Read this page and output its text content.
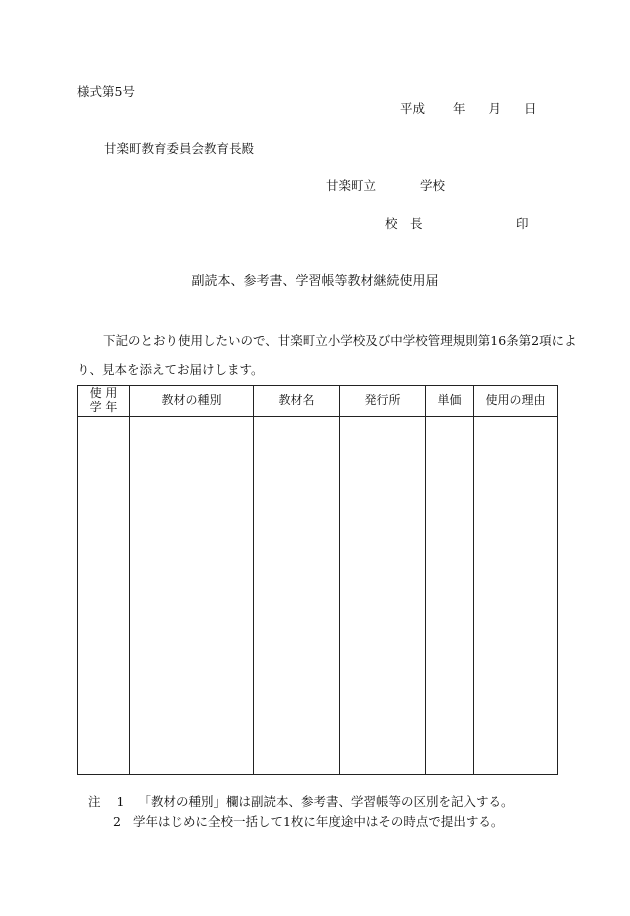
様式第5号
平成 年 月 日
甘楽町教育委員会教育長殿
甘楽町立	学校
校　長	印
副読本、参考書、学習帳等教材継続使用届
下記のとおり使用したいので、甘楽町立小学校及び中学校管理規則第16条第2項によ
り、見本を添えてお届けします。
使 用
学 年	教材の種別	教材名	発行所	単価	使用の理由

注 1 「教材の種別」欄は副読本、参考書、学習帳等の区別を記入する。
2 学年はじめに全校一括して1枚に年度途中はその時点で提出する。
